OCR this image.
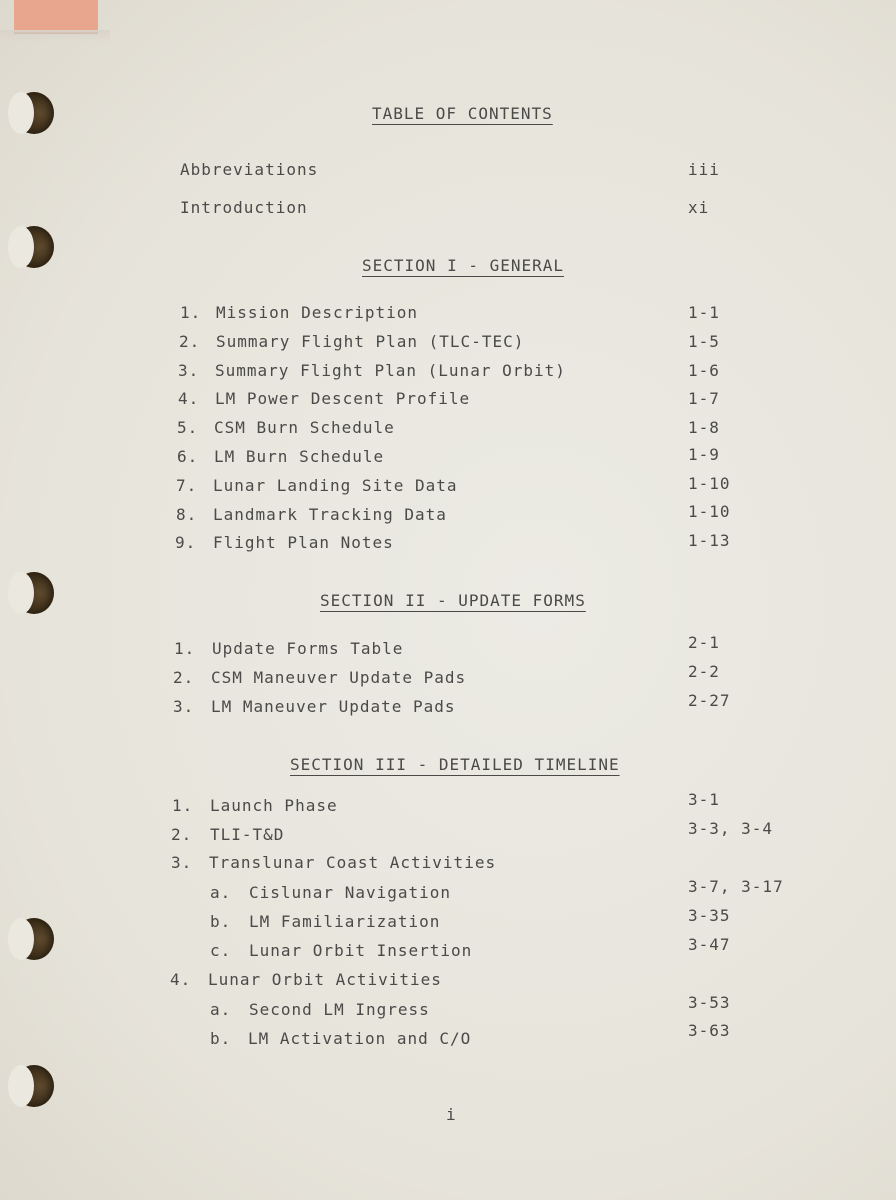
TABLE OF CONTENTS
Abbreviations	iii
Introduction	xi
SECTION I - GENERAL
1. Mission Description	1-1
2. Summary Flight Plan (TLC-TEC)	1-5
3. Summary Flight Plan (Lunar Orbit)	1-6
4. LM Power Descent Profile	1-7
5. CSM Burn Schedule	1-8
6. LM Burn Schedule	1-9
7. Lunar Landing Site Data	1-10
8. Landmark Tracking Data	1-10
9. Flight Plan Notes	1-13
SECTION II - UPDATE FORMS
1. Update Forms Table	2-1
2. CSM Maneuver Update Pads	2-2
3. LM Maneuver Update Pads	2-27
SECTION III - DETAILED TIMELINE
1. Launch Phase	3-1
2. TLI-T&D	3-3, 3-4
3. Translunar Coast Activities
a. Cislunar Navigation	3-7, 3-17
b. LM Familiarization	3-35
c. Lunar Orbit Insertion	3-47
4. Lunar Orbit Activities
a. Second LM Ingress	3-53
b. LM Activation and C/O	3-63
i
